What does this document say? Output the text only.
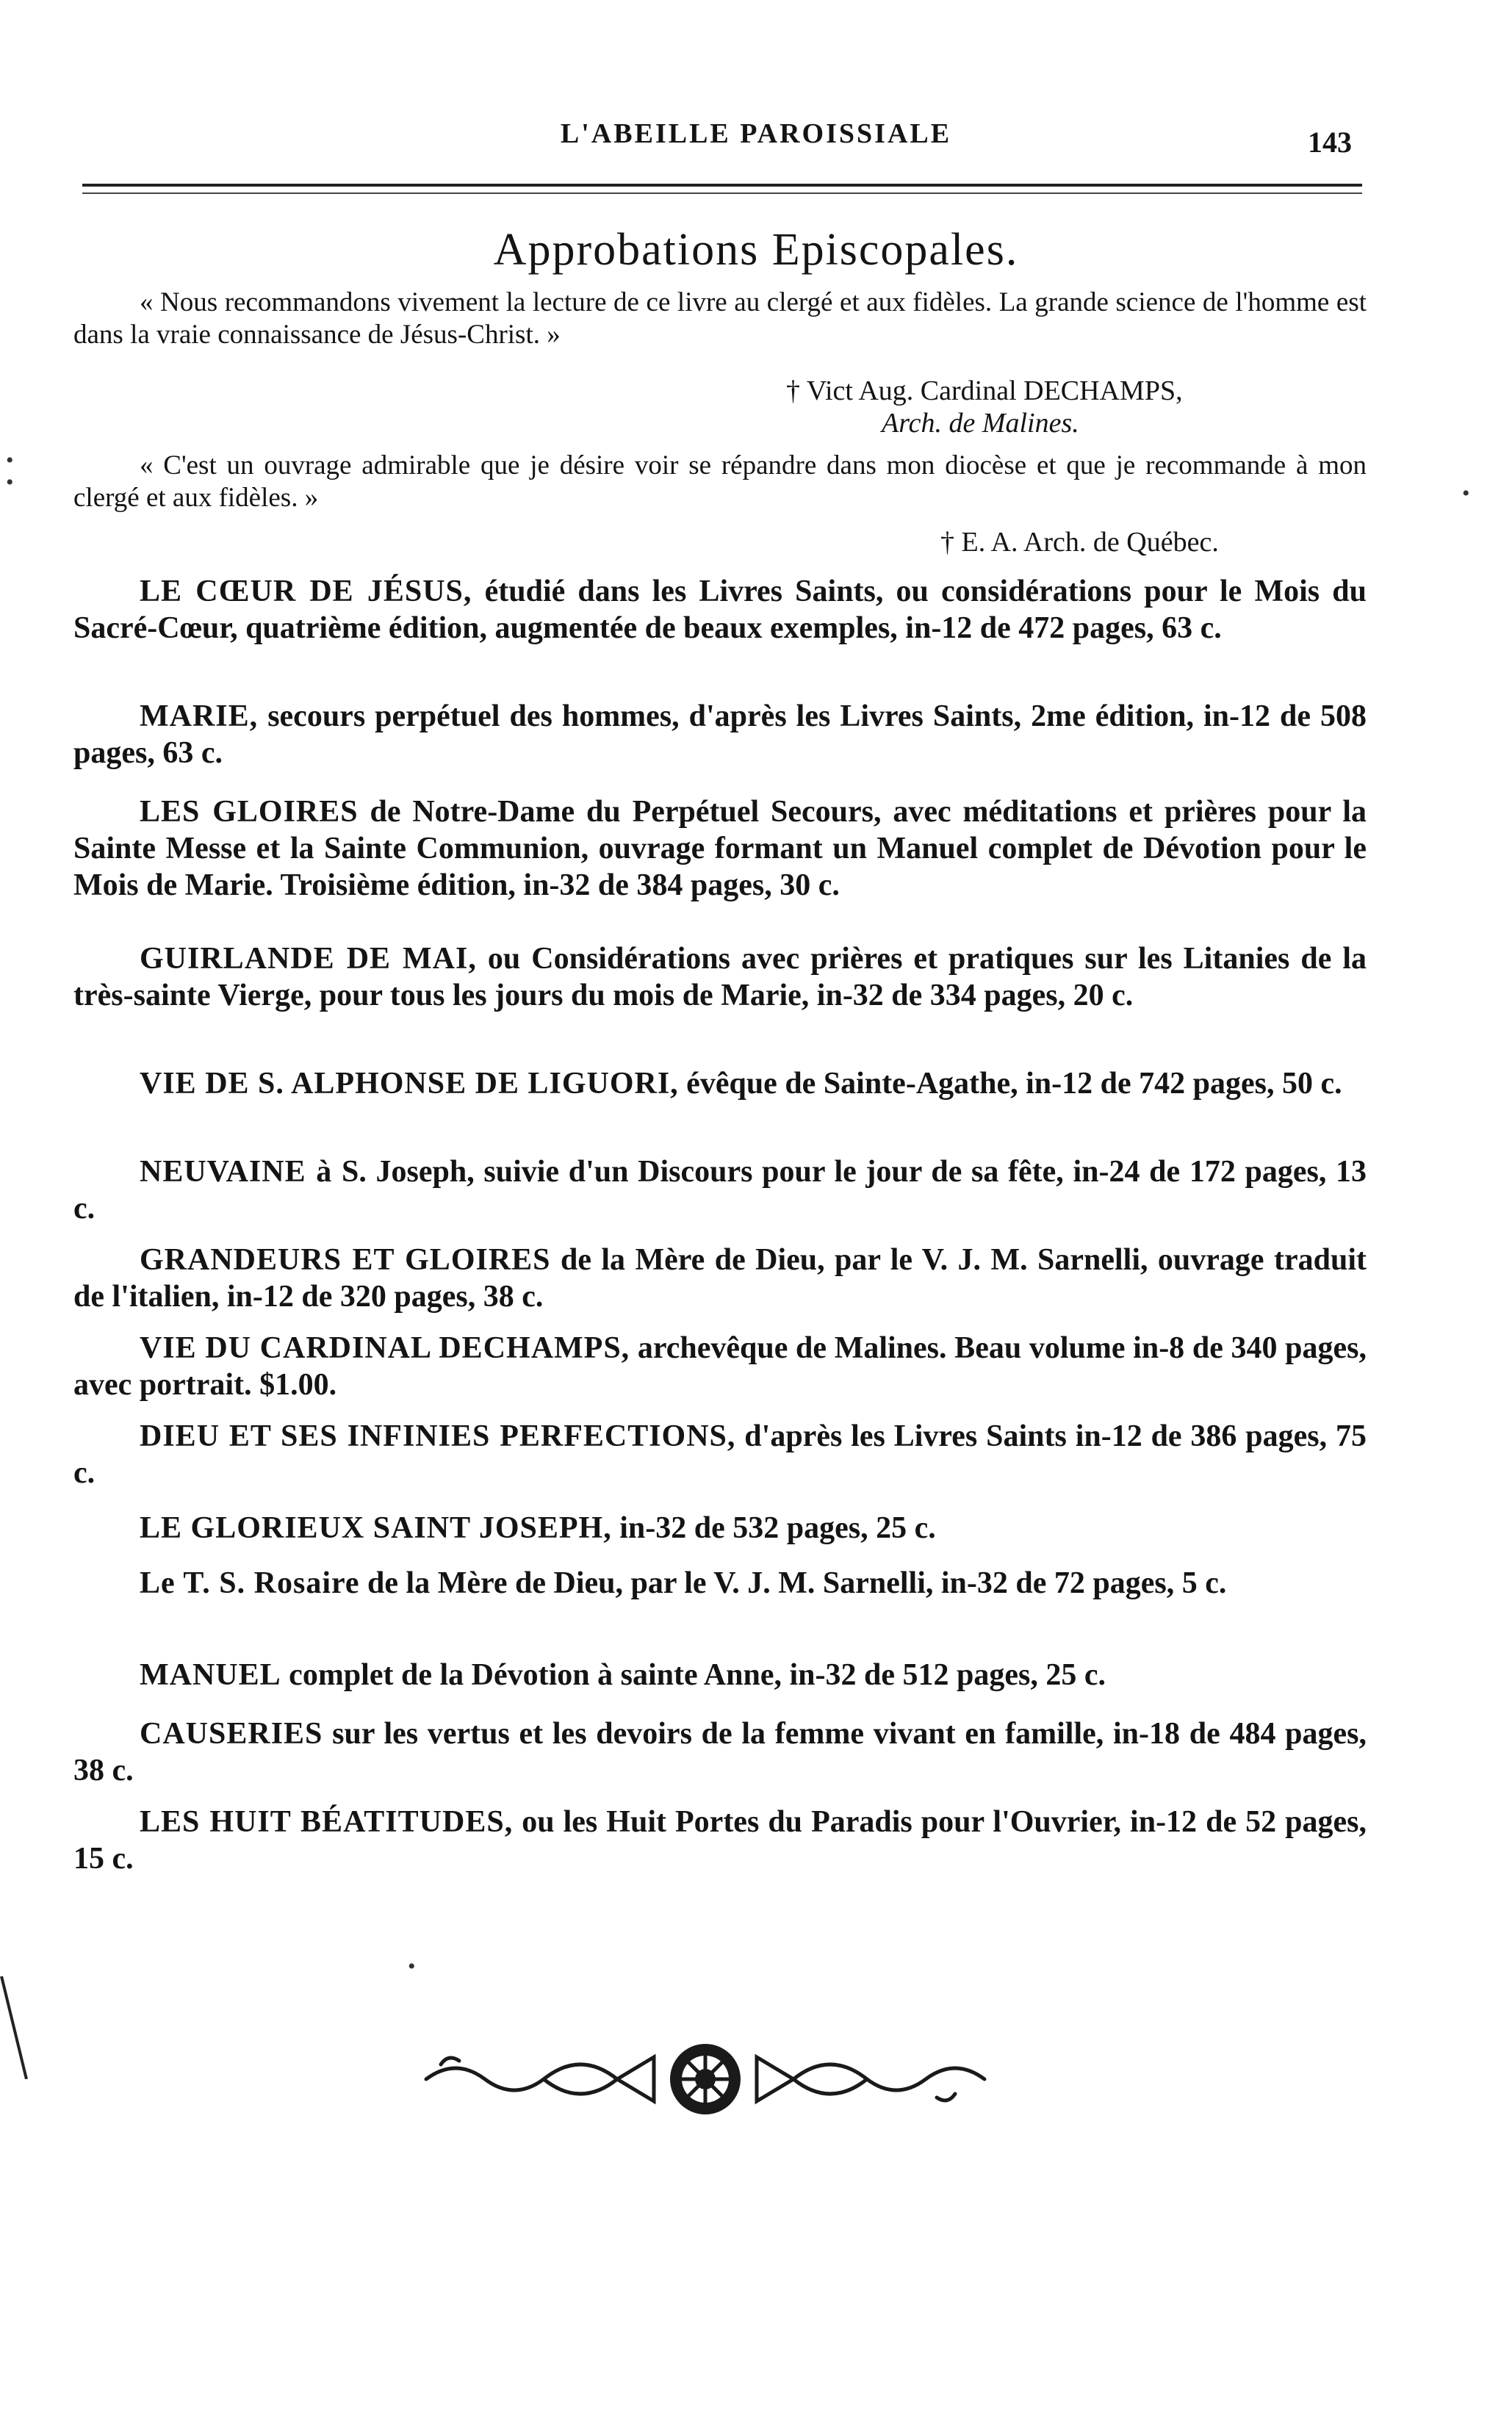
L'ABEILLE PAROISSIALE	143
Approbations Episcopales.

« Nous recommandons vivement la lecture de ce livre au clergé et aux fidèles. La grande science de l'homme est dans la vraie connaissance de Jésus-Christ. »

† Vict Aug. Cardinal DECHAMPS,
Arch. de Malines.

« C'est un ouvrage admirable que je désire voir se répandre dans mon diocèse et que je recommande à mon clergé et aux fidèles. »

† E. A. Arch. de Québec.

LE CŒUR DE JÉSUS, étudié dans les Livres Saints, ou considérations pour le Mois du Sacré-Cœur, quatrième édition, augmentée de beaux exemples, in-12 de 472 pages, 63 c.

MARIE, secours perpétuel des hommes, d'après les Livres Saints, 2me édition, in-12 de 508 pages, 63 c.

LES GLOIRES de Notre-Dame du Perpétuel Secours, avec méditations et prières pour la Sainte Messe et la Sainte Communion, ouvrage formant un Manuel complet de Dévotion pour le Mois de Marie. Troisième édition, in-32 de 384 pages, 30 c.

GUIRLANDE DE MAI, ou Considérations avec prières et pratiques sur les Litanies de la très-sainte Vierge, pour tous les jours du mois de Marie, in-32 de 334 pages, 20 c.

VIE DE S. ALPHONSE DE LIGUORI, évêque de Sainte-Agathe, in-12 de 742 pages, 50 c.

NEUVAINE à S. Joseph, suivie d'un Discours pour le jour de sa fête, in-24 de 172 pages, 13 c.

GRANDEURS ET GLOIRES de la Mère de Dieu, par le V. J. M. Sarnelli, ouvrage traduit de l'italien, in-12 de 320 pages, 38 c.

VIE DU CARDINAL DECHAMPS, archevêque de Malines. Beau volume in-8 de 340 pages, avec portrait. $1.00.

DIEU ET SES INFINIES PERFECTIONS, d'après les Livres Saints in-12 de 386 pages, 75 c.

LE GLORIEUX SAINT JOSEPH, in-32 de 532 pages, 25 c.

Le T. S. Rosaire de la Mère de Dieu, par le V. J. M. Sarnelli, in-32 de 72 pages, 5 c.

MANUEL complet de la Dévotion à sainte Anne, in-32 de 512 pages, 25 c.

CAUSERIES sur les vertus et les devoirs de la femme vivant en famille, in-18 de 484 pages, 38 c.

LES HUIT BÉATITUDES, ou les Huit Portes du Paradis pour l'Ouvrier, in-12 de 52 pages, 15 c.

•
•	•
•
